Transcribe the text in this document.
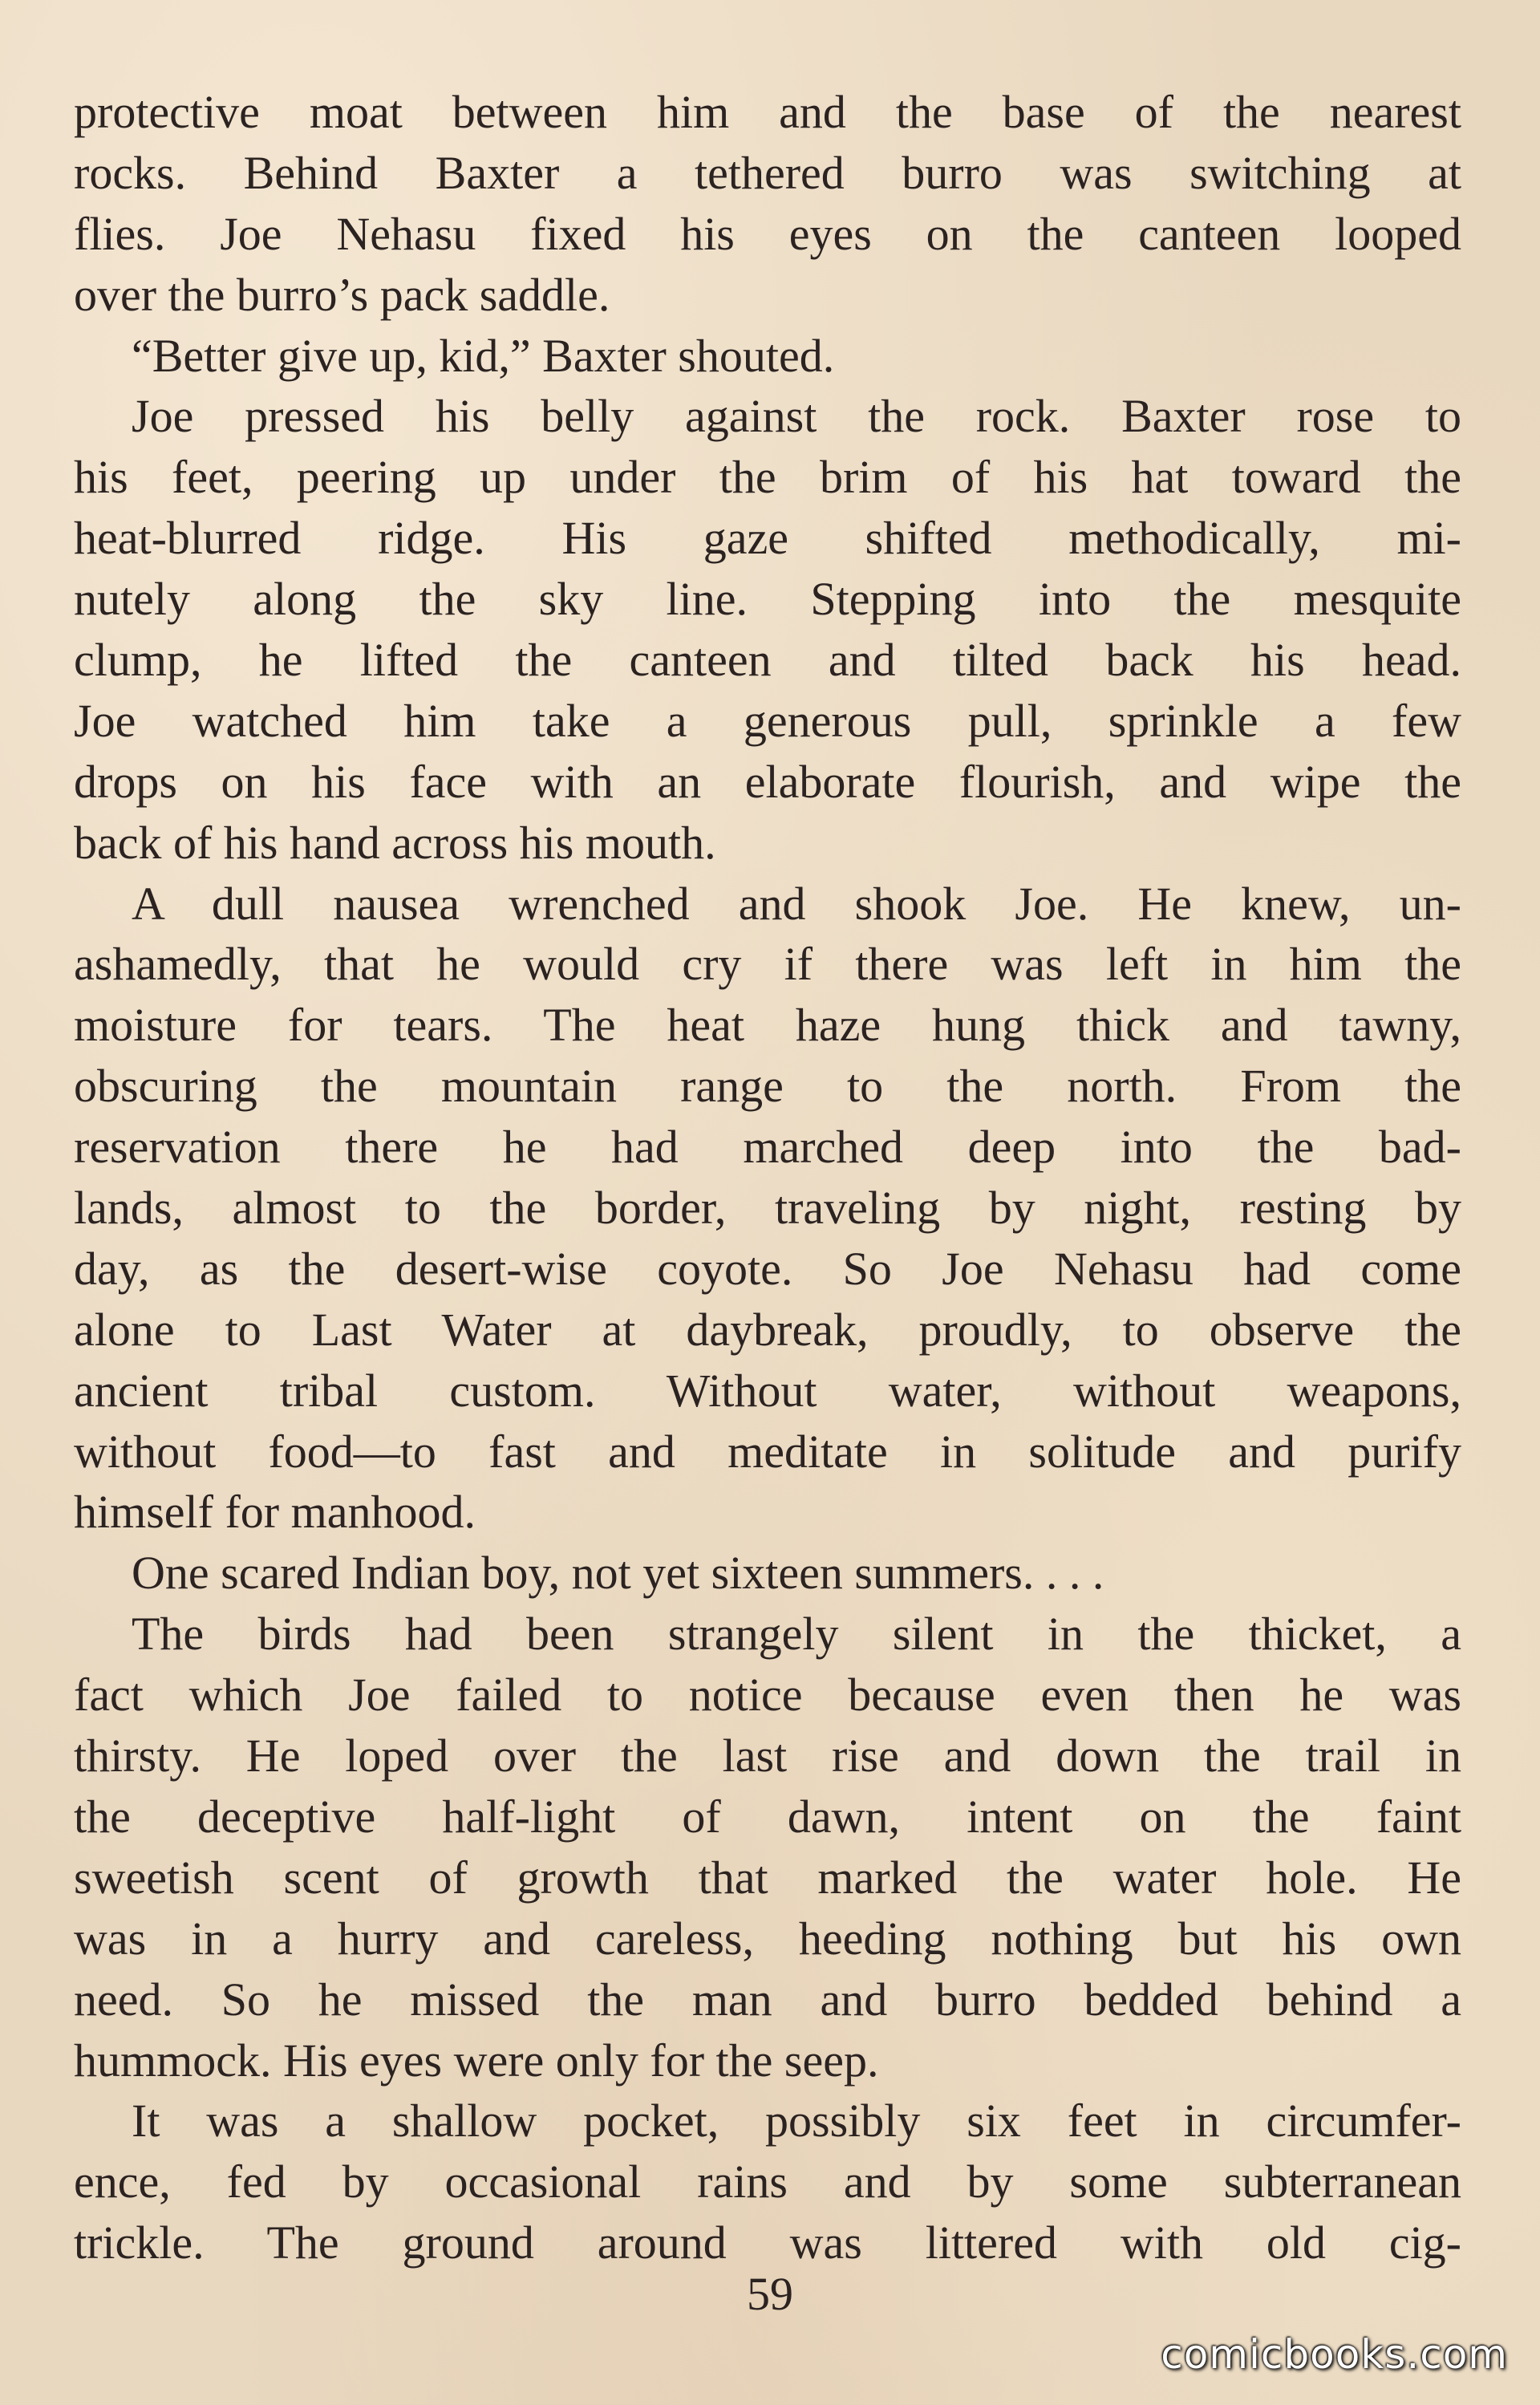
protective moat between him and the base of the nearest
rocks. Behind Baxter a tethered burro was switching at
flies. Joe Nehasu fixed his eyes on the canteen looped
over the burro’s pack saddle.
“Better give up, kid,” Baxter shouted.
Joe pressed his belly against the rock. Baxter rose to
his feet, peering up under the brim of his hat toward the
heat-blurred ridge. His gaze shifted methodically, mi-
nutely along the sky line. Stepping into the mesquite
clump, he lifted the canteen and tilted back his head.
Joe watched him take a generous pull, sprinkle a few
drops on his face with an elaborate flourish, and wipe the
back of his hand across his mouth.
A dull nausea wrenched and shook Joe. He knew, un-
ashamedly, that he would cry if there was left in him the
moisture for tears. The heat haze hung thick and tawny,
obscuring the mountain range to the north. From the
reservation there he had marched deep into the bad-
lands, almost to the border, traveling by night, resting by
day, as the desert-wise coyote. So Joe Nehasu had come
alone to Last Water at daybreak, proudly, to observe the
ancient tribal custom. Without water, without weapons,
without food—to fast and meditate in solitude and purify
himself for manhood.
One scared Indian boy, not yet sixteen summers. . . .
The birds had been strangely silent in the thicket, a
fact which Joe failed to notice because even then he was
thirsty. He loped over the last rise and down the trail in
the deceptive half-light of dawn, intent on the faint
sweetish scent of growth that marked the water hole. He
was in a hurry and careless, heeding nothing but his own
need. So he missed the man and burro bedded behind a
hummock. His eyes were only for the seep.
It was a shallow pocket, possibly six feet in circumfer-
ence, fed by occasional rains and by some subterranean
trickle. The ground around was littered with old cig-
59
comicbooks.com
